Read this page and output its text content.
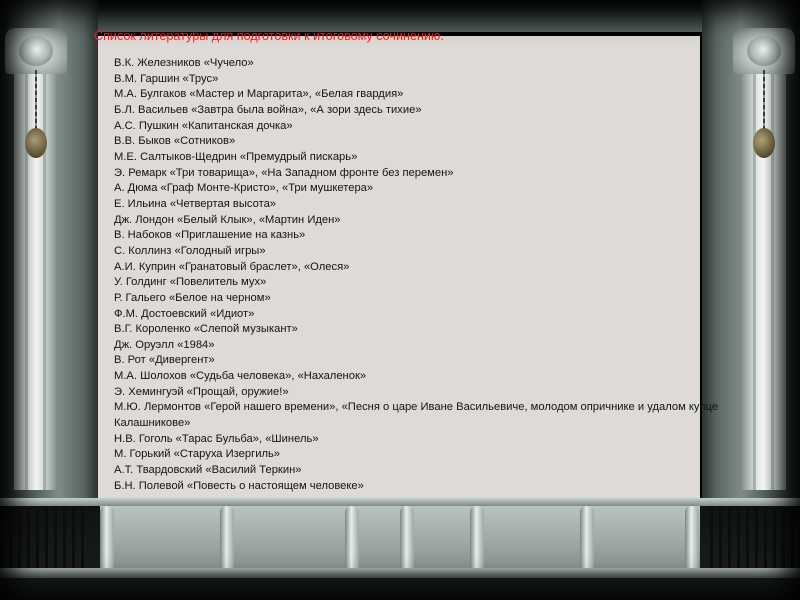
Список литературы для подготовки к итоговому сочинению.
В.К. Железников «Чучело»
В.М. Гаршин «Трус»
М.А. Булгаков «Мастер и Маргарита», «Белая гвардия»
Б.Л. Васильев «Завтра была война», «А зори здесь тихие»
А.С. Пушкин «Капитанская дочка»
В.В. Быков «Сотников»
М.Е. Салтыков-Щедрин «Премудрый пискарь»
Э. Ремарк «Три товарища», «На Западном фронте без перемен»
А. Дюма «Граф Монте-Кристо», «Три мушкетера»
Е. Ильина «Четвертая высота»
Дж. Лондон «Белый Клык», «Мартин Иден»
В. Набоков «Приглашение на казнь»
С. Коллинз «Голодный игры»
А.И. Куприн «Гранатовый браслет», «Олеся»
У. Голдинг «Повелитель мух»
Р. Гальего «Белое на черном»
Ф.М. Достоевский «Идиот»
В.Г. Короленко «Слепой музыкант»
Дж. Оруэлл «1984»
В. Рот «Дивергент»
М.А. Шолохов «Судьба человека», «Нахаленок»
Э. Хемингуэй «Прощай, оружие!»
М.Ю. Лермонтов «Герой нашего времени», «Песня о царе Иване Васильевиче, молодом опричнике и удалом купце Калашникове»
Н.В. Гоголь «Тарас Бульба», «Шинель»
М. Горький «Старуха Изергиль»
А.Т. Твардовский «Василий Теркин»
Б.Н. Полевой «Повесть о настоящем человеке»
